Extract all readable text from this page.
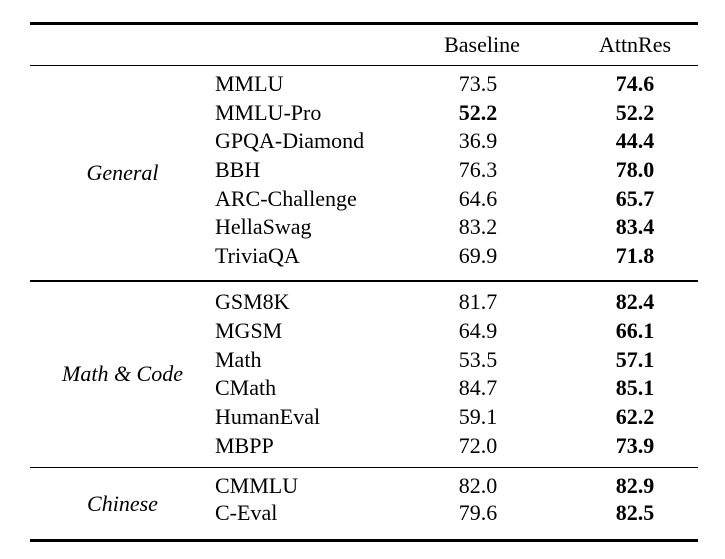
Baseline	AttnRes
General
MMLU	73.5	74.6
MMLU-Pro	52.2	52.2
GPQA-Diamond	36.9	44.4
BBH	76.3	78.0
ARC-Challenge	64.6	65.7
HellaSwag	83.2	83.4
TriviaQA	69.9	71.8
Math & Code
GSM8K	81.7	82.4
MGSM	64.9	66.1
Math	53.5	57.1
CMath	84.7	85.1
HumanEval	59.1	62.2
MBPP	72.0	73.9
Chinese
CMMLU	82.0	82.9
C-Eval	79.6	82.5
